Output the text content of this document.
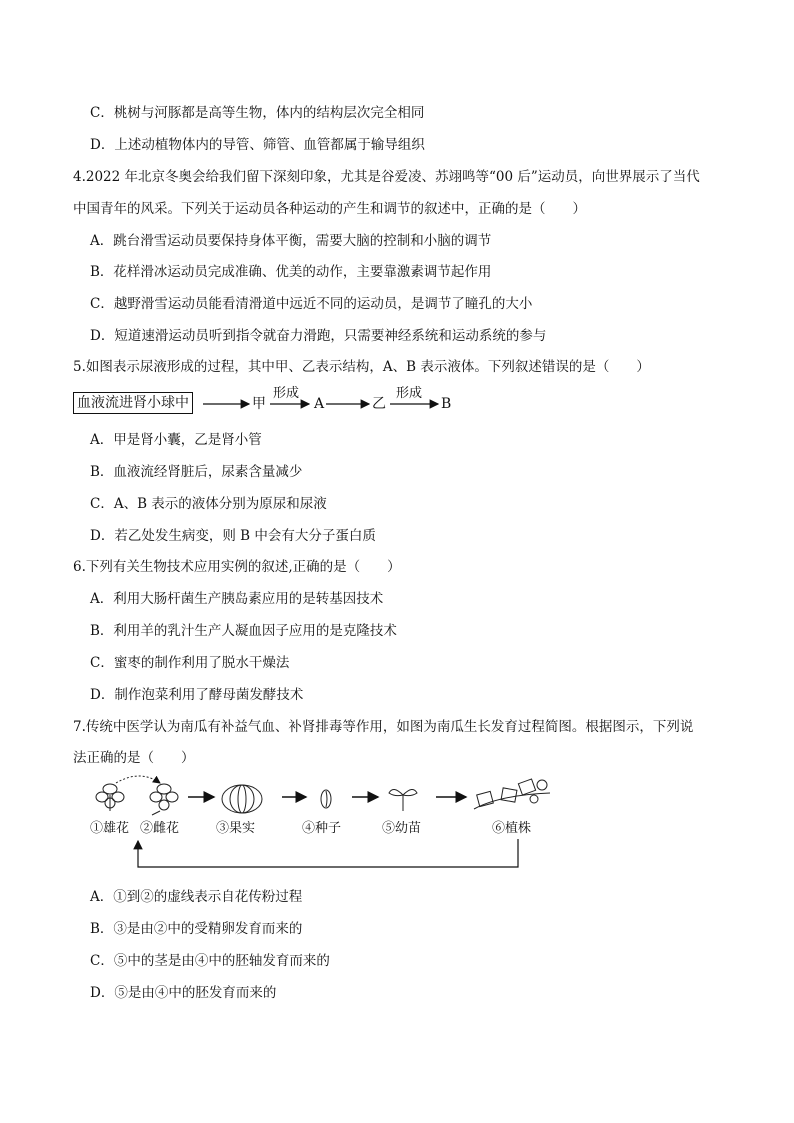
C．桃树与河豚都是高等生物，体内的结构层次完全相同
D．上述动植物体内的导管、筛管、血管都属于输导组织
4.2022 年北京冬奥会给我们留下深刻印象，尤其是谷爱凌、苏翊鸣等“00 后”运动员，向世界展示了当代
中国青年的风采。下列关于运动员各种运动的产生和调节的叙述中，正确的是（　　）
A．跳台滑雪运动员要保持身体平衡，需要大脑的控制和小脑的调节
B．花样滑冰运动员完成准确、优美的动作，主要靠激素调节起作用
C．越野滑雪运动员能看清滑道中远近不同的运动员，是调节了瞳孔的大小
D．短道速滑运动员听到指令就奋力滑跑，只需要神经系统和运动系统的参与
5.如图表示尿液形成的过程，其中甲、乙表示结构，A、B 表示液体。下列叙述错误的是（　　）
血液流进肾小球中	甲
形成
A	乙
形成
B
A．甲是肾小囊，乙是肾小管
B．血液流经肾脏后，尿素含量减少
C．A、B 表示的液体分别为原尿和尿液
D．若乙处发生病变，则 B 中会有大分子蛋白质
6.下列有关生物技术应用实例的叙述,正确的是（　　）
A．利用大肠杆菌生产胰岛素应用的是转基因技术
B．利用羊的乳汁生产人凝血因子应用的是克隆技术
C．蜜枣的制作利用了脱水干燥法
D．制作泡菜利用了酵母菌发酵技术
7.传统中医学认为南瓜有补益气血、补肾排毒等作用，如图为南瓜生长发育过程简图。根据图示，下列说
法正确的是（　　）
①雄花 ②雌花	③果实	④种子	⑤幼苗	⑥植株
A．①到②的虚线表示自花传粉过程
B．③是由②中的受精卵发育而来的
C．⑤中的茎是由④中的胚轴发育而来的
D．⑤是由④中的胚发育而来的
